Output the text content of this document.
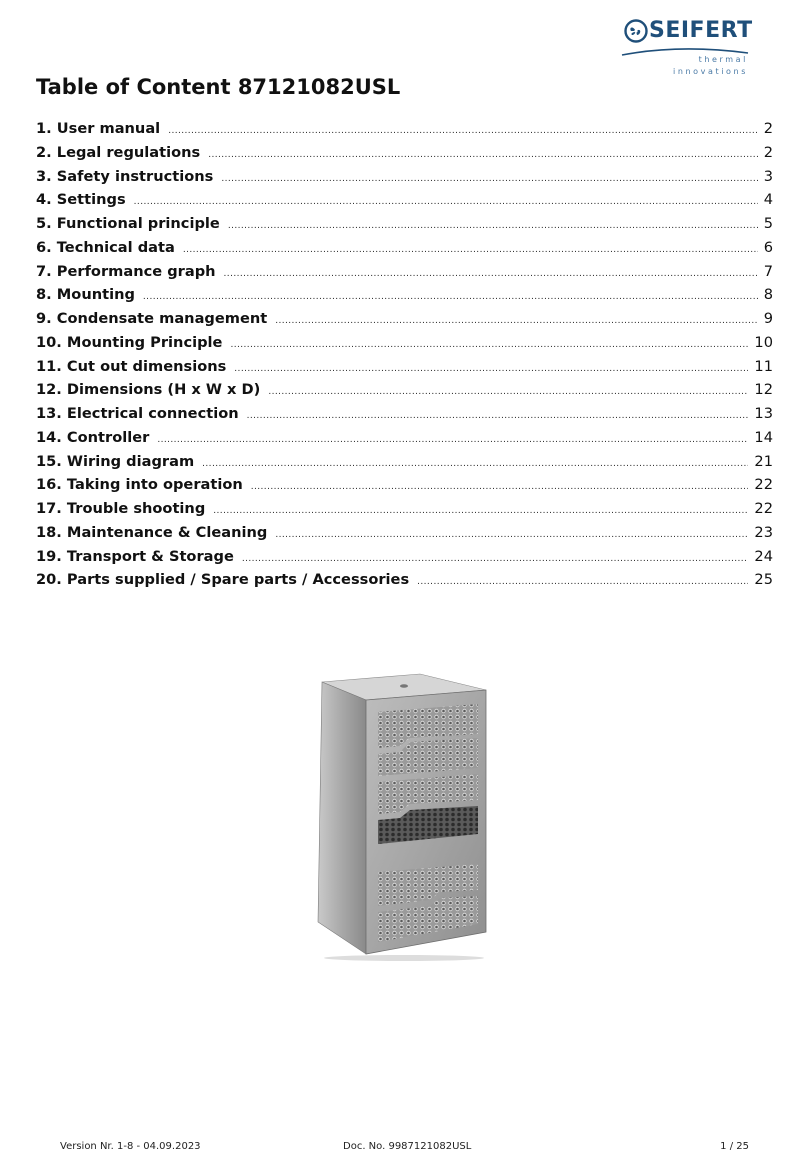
SEIFERT
thermal innovations
Table of Content 87121082USL
1. User manual .....	2
2. Legal regulations .....	2
3. Safety instructions .....	3
4. Settings .....	4
5. Functional principle .....	5
6. Technical data .....	6
7. Performance graph .....	7
8. Mounting .....	8
9. Condensate management .....	9
10. Mounting Principle .....	10
11. Cut out dimensions .....	11
12. Dimensions (H x W x D) .....	12
13. Electrical connection .....	13
14. Controller .....	14
15. Wiring diagram .....	21
16. Taking into operation .....	22
17. Trouble shooting .....	22
18. Maintenance & Cleaning .....	23
19. Transport & Storage .....	24
20. Parts supplied / Spare parts / Accessories .....	25
Version Nr. 1-8 - 04.09.2023	Doc. No. 9987121082USL	1 / 25
